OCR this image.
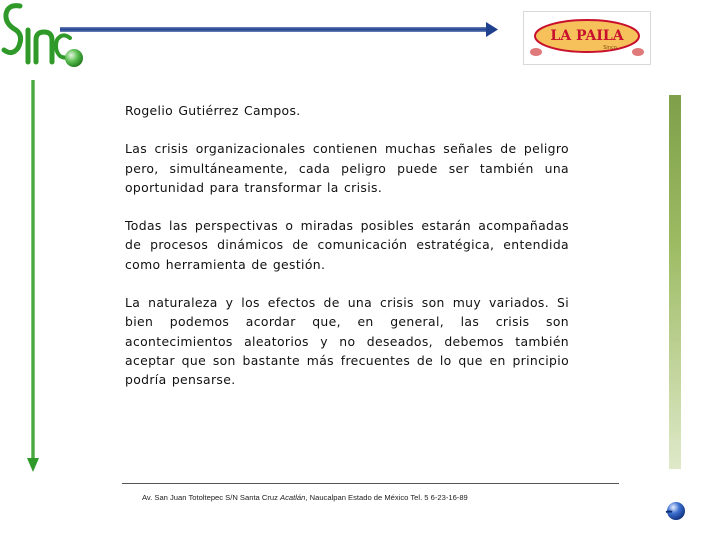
LA PAILA
Sinco

Rogelio Gutiérrez Campos.

Las crisis organizacionales contienen muchas señales de peligro pero, simultáneamente, cada peligro puede ser también una oportunidad para transformar la crisis.

Todas las perspectivas o miradas posibles estarán acompañadas de procesos dinámicos de comunicación estratégica, entendida como herramienta de gestión.

La naturaleza y los efectos de una crisis son muy variados. Si bien podemos acordar que, en general, las crisis son acontecimientos aleatorios y no deseados, debemos también aceptar que son bastante más frecuentes de lo que en principio podría pensarse.

Av. San Juan Totoltepec S/N Santa Cruz Acatlán, Naucalpan Estado de México Tel. 5 6-23-16-89
